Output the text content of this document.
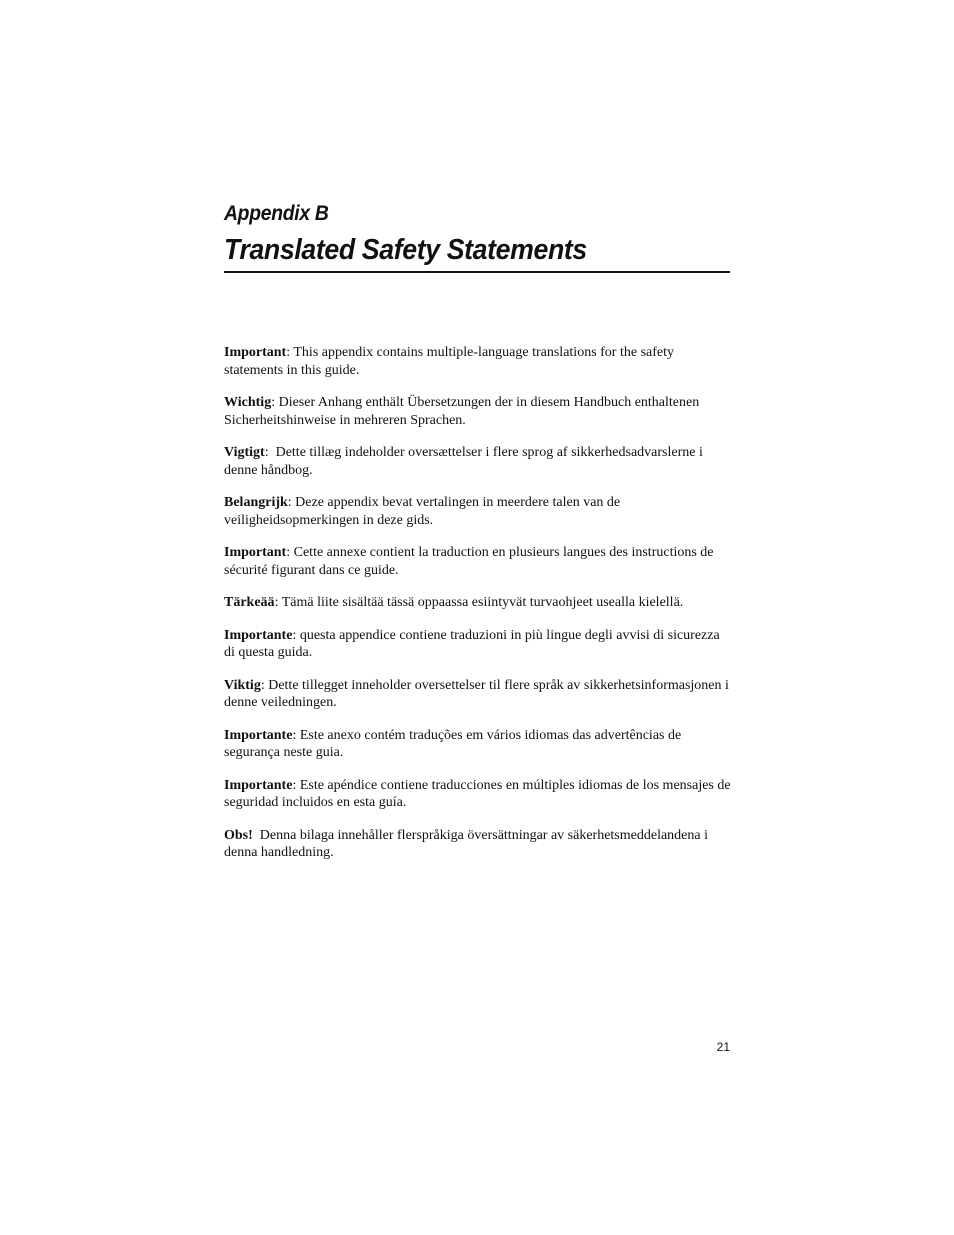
Appendix B
Translated Safety Statements

Important: This appendix contains multiple-language translations for the safety statements in this guide.

Wichtig: Dieser Anhang enthält Übersetzungen der in diesem Handbuch enthaltenen Sicherheitshinweise in mehreren Sprachen.

Vigtigt:  Dette tillæg indeholder oversættelser i flere sprog af sikkerhedsadvarslerne i denne håndbog.

Belangrijk: Deze appendix bevat vertalingen in meerdere talen van de veiligheidsopmerkingen in deze gids.

Important: Cette annexe contient la traduction en plusieurs langues des instructions de sécurité figurant dans ce guide.

Tärkeää: Tämä liite sisältää tässä oppaassa esiintyvät turvaohjeet usealla kielellä.

Importante: questa appendice contiene traduzioni in più lingue degli avvisi di sicurezza di questa guida.

Viktig: Dette tillegget inneholder oversettelser til flere språk av sikkerhetsinformasjonen i denne veiledningen.

Importante: Este anexo contém traduções em vários idiomas das advertências de segurança neste guia.

Importante: Este apéndice contiene traducciones en múltiples idiomas de los mensajes de seguridad incluidos en esta guía.

Obs! Denna bilaga innehåller flerspråkiga översättningar av säkerhetsmeddelandena i denna handledning.

21
